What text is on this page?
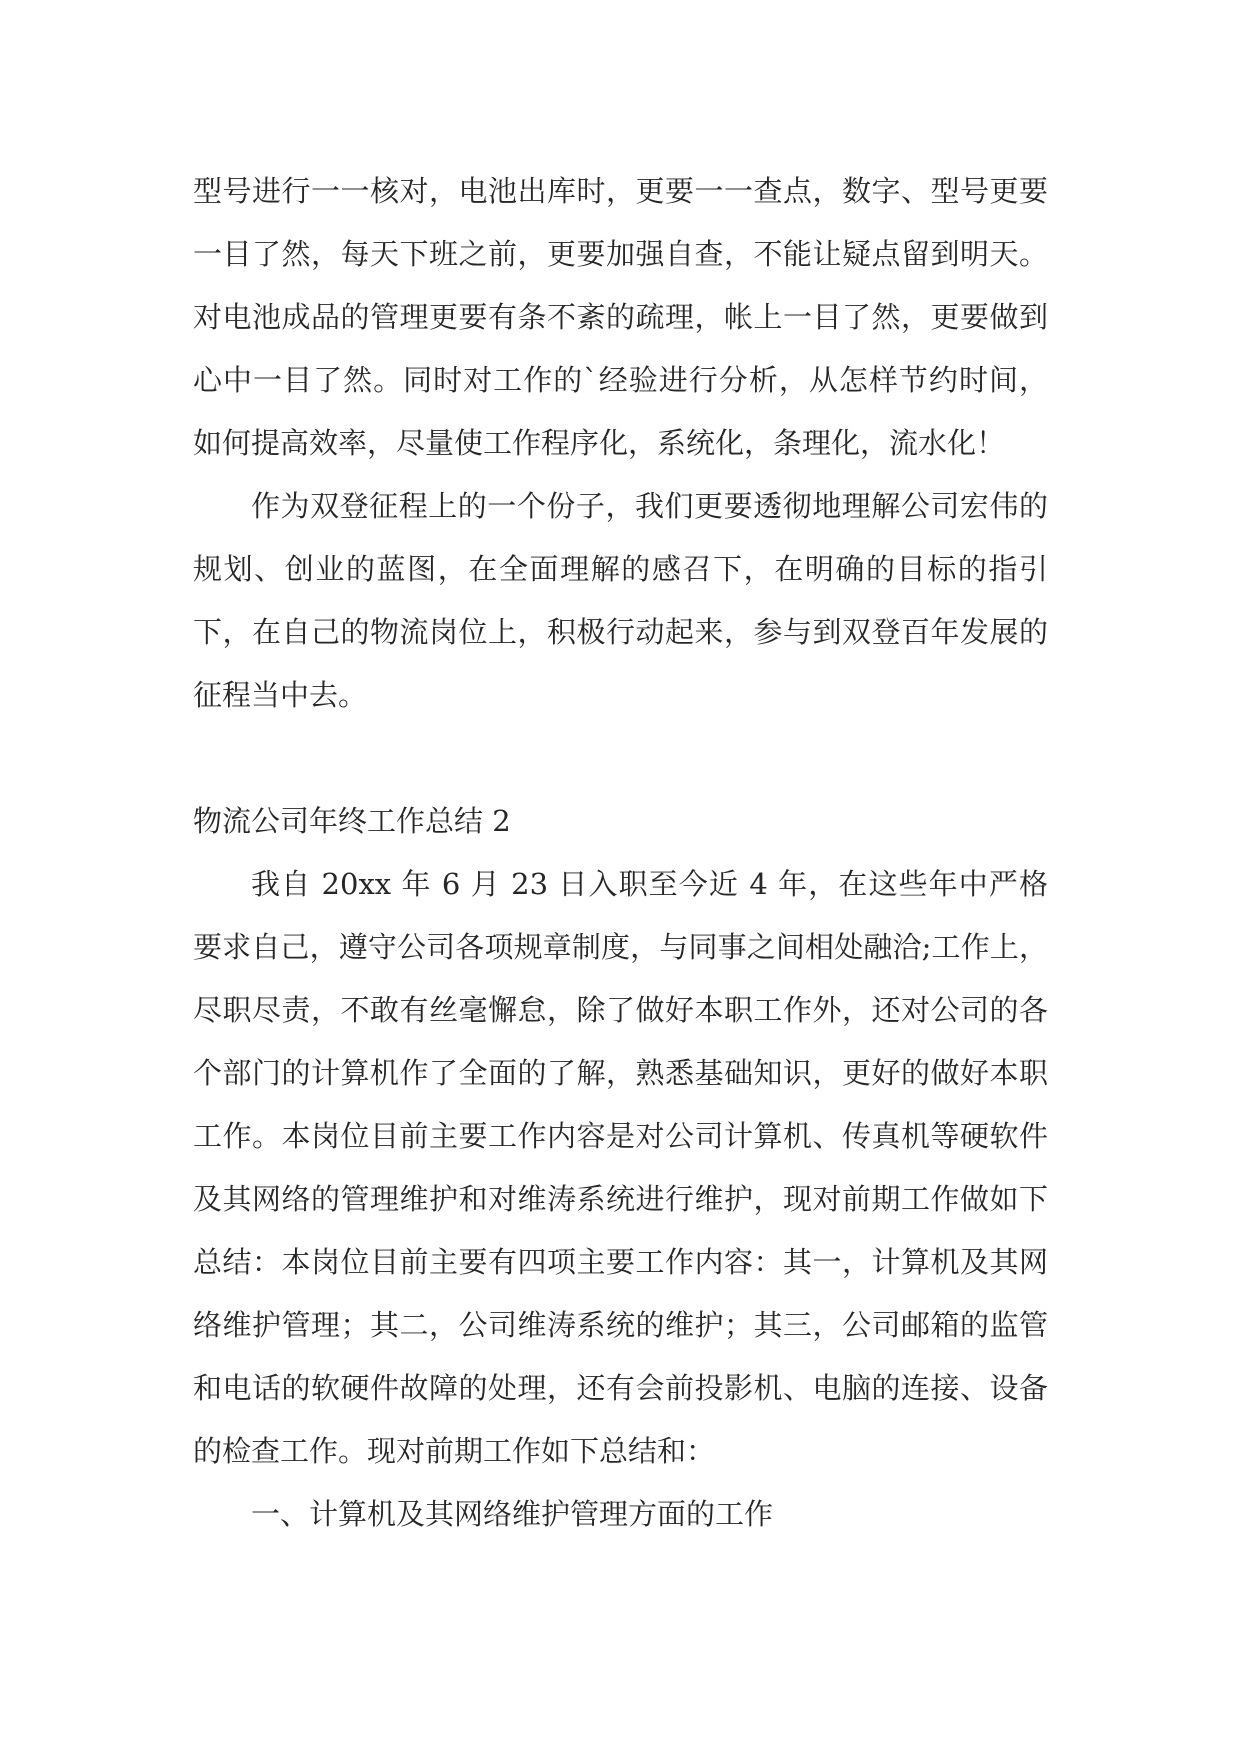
型号进行一一核对，电池出库时，更要一一查点，数字、型号更要一目了然，每天下班之前，更要加强自查，不能让疑点留到明天。对电池成品的管理更要有条不紊的疏理，帐上一目了然，更要做到心中一目了然。同时对工作的`经验进行分析，从怎样节约时间，如何提高效率，尽量使工作程序化，系统化，条理化，流水化！

作为双登征程上的一个份子，我们更要透彻地理解公司宏伟的规划、创业的蓝图，在全面理解的感召下，在明确的目标的指引下，在自己的物流岗位上，积极行动起来，参与到双登百年发展的征程当中去。

物流公司年终工作总结 2

我自 20xx 年 6 月 23 日入职至今近 4 年，在这些年中严格要求自己，遵守公司各项规章制度，与同事之间相处融洽;工作上，尽职尽责，不敢有丝毫懈怠，除了做好本职工作外，还对公司的各个部门的计算机作了全面的了解，熟悉基础知识，更好的做好本职工作。本岗位目前主要工作内容是对公司计算机、传真机等硬软件及其网络的管理维护和对维涛系统进行维护，现对前期工作做如下总结：本岗位目前主要有四项主要工作内容：其一，计算机及其网络维护管理；其二，公司维涛系统的维护；其三，公司邮箱的监管和电话的软硬件故障的处理，还有会前投影机、电脑的连接、设备的检查工作。现对前期工作如下总结和：

一、计算机及其网络维护管理方面的工作
